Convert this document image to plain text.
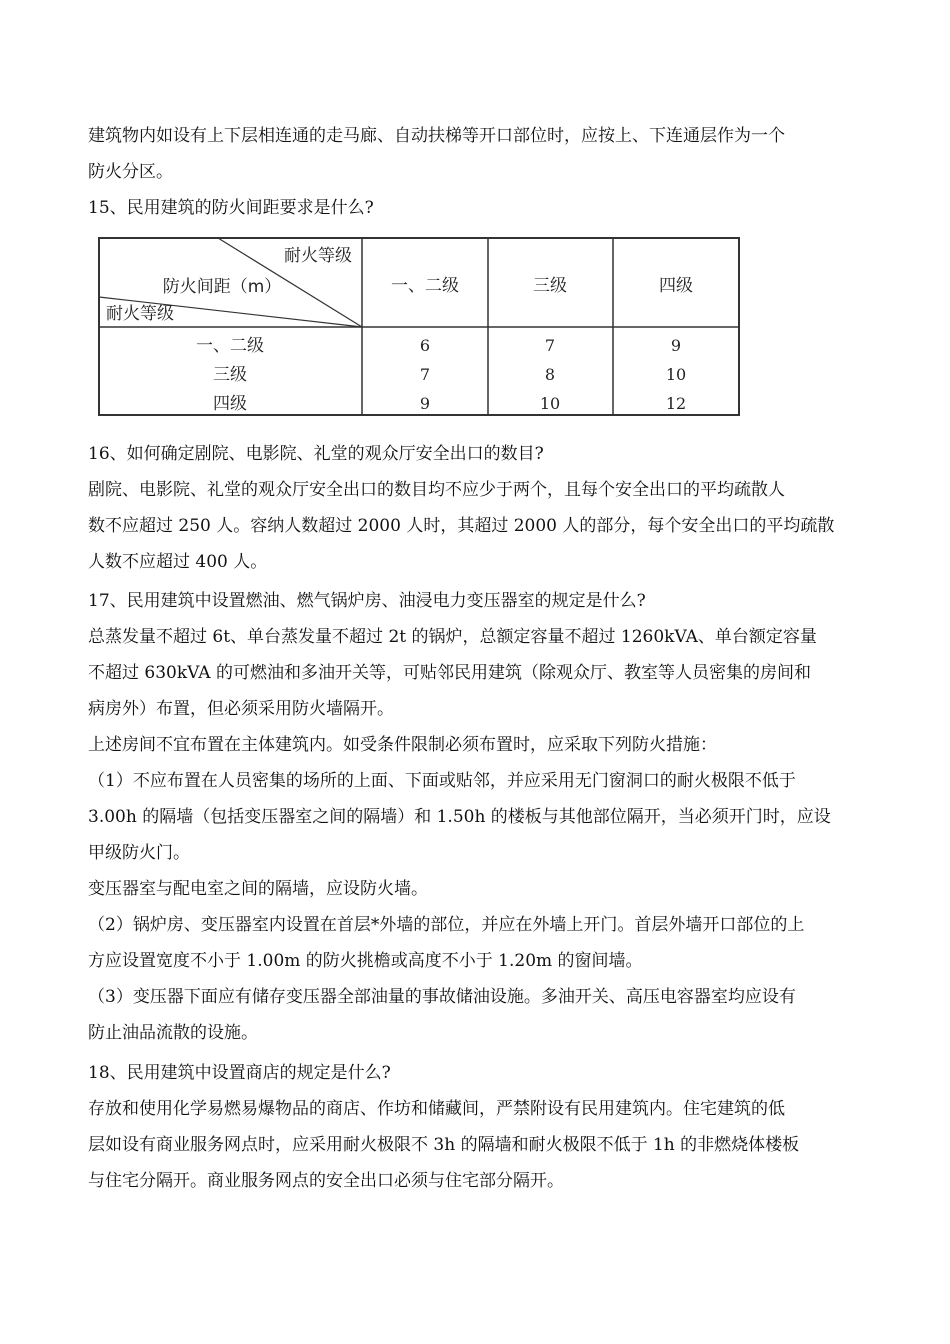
建筑物内如设有上下层相连通的走马廊、自动扶梯等开口部位时，应按上、下连通层作为一个
防火分区。
15、民用建筑的防火间距要求是什么?
耐火等级
防火间距（m）
耐火等级
一、二级	三级	四级
一、二级	6	7	9
三级	7	8	10
四级	9	10	12
16、如何确定剧院、电影院、礼堂的观众厅安全出口的数目?
剧院、电影院、礼堂的观众厅安全出口的数目均不应少于两个，且每个安全出口的平均疏散人
数不应超过 250 人。容纳人数超过 2000 人时，其超过 2000 人的部分，每个安全出口的平均疏散
人数不应超过 400 人。
17、民用建筑中设置燃油、燃气锅炉房、油浸电力变压器室的规定是什么?
总蒸发量不超过 6t、单台蒸发量不超过 2t 的锅炉，总额定容量不超过 1260kVA、单台额定容量
不超过 630kVA 的可燃油和多油开关等，可贴邻民用建筑（除观众厅、教室等人员密集的房间和
病房外）布置，但必须采用防火墙隔开。
上述房间不宜布置在主体建筑内。如受条件限制必须布置时，应采取下列防火措施：
（1）不应布置在人员密集的场所的上面、下面或贴邻，并应采用无门窗洞口的耐火极限不低于
3.00h 的隔墙（包括变压器室之间的隔墙）和 1.50h 的楼板与其他部位隔开，当必须开门时，应设
甲级防火门。
变压器室与配电室之间的隔墙，应设防火墙。
（2）锅炉房、变压器室内设置在首层*外墙的部位，并应在外墙上开门。首层外墙开口部位的上
方应设置宽度不小于 1.00m 的防火挑檐或高度不小于 1.20m 的窗间墙。
（3）变压器下面应有储存变压器全部油量的事故储油设施。多油开关、高压电容器室均应设有
防止油品流散的设施。
18、民用建筑中设置商店的规定是什么?
存放和使用化学易燃易爆物品的商店、作坊和储藏间，严禁附设有民用建筑内。住宅建筑的低
层如设有商业服务网点时，应采用耐火极限不 3h 的隔墙和耐火极限不低于 1h 的非燃烧体楼板
与住宅分隔开。商业服务网点的安全出口必须与住宅部分隔开。
